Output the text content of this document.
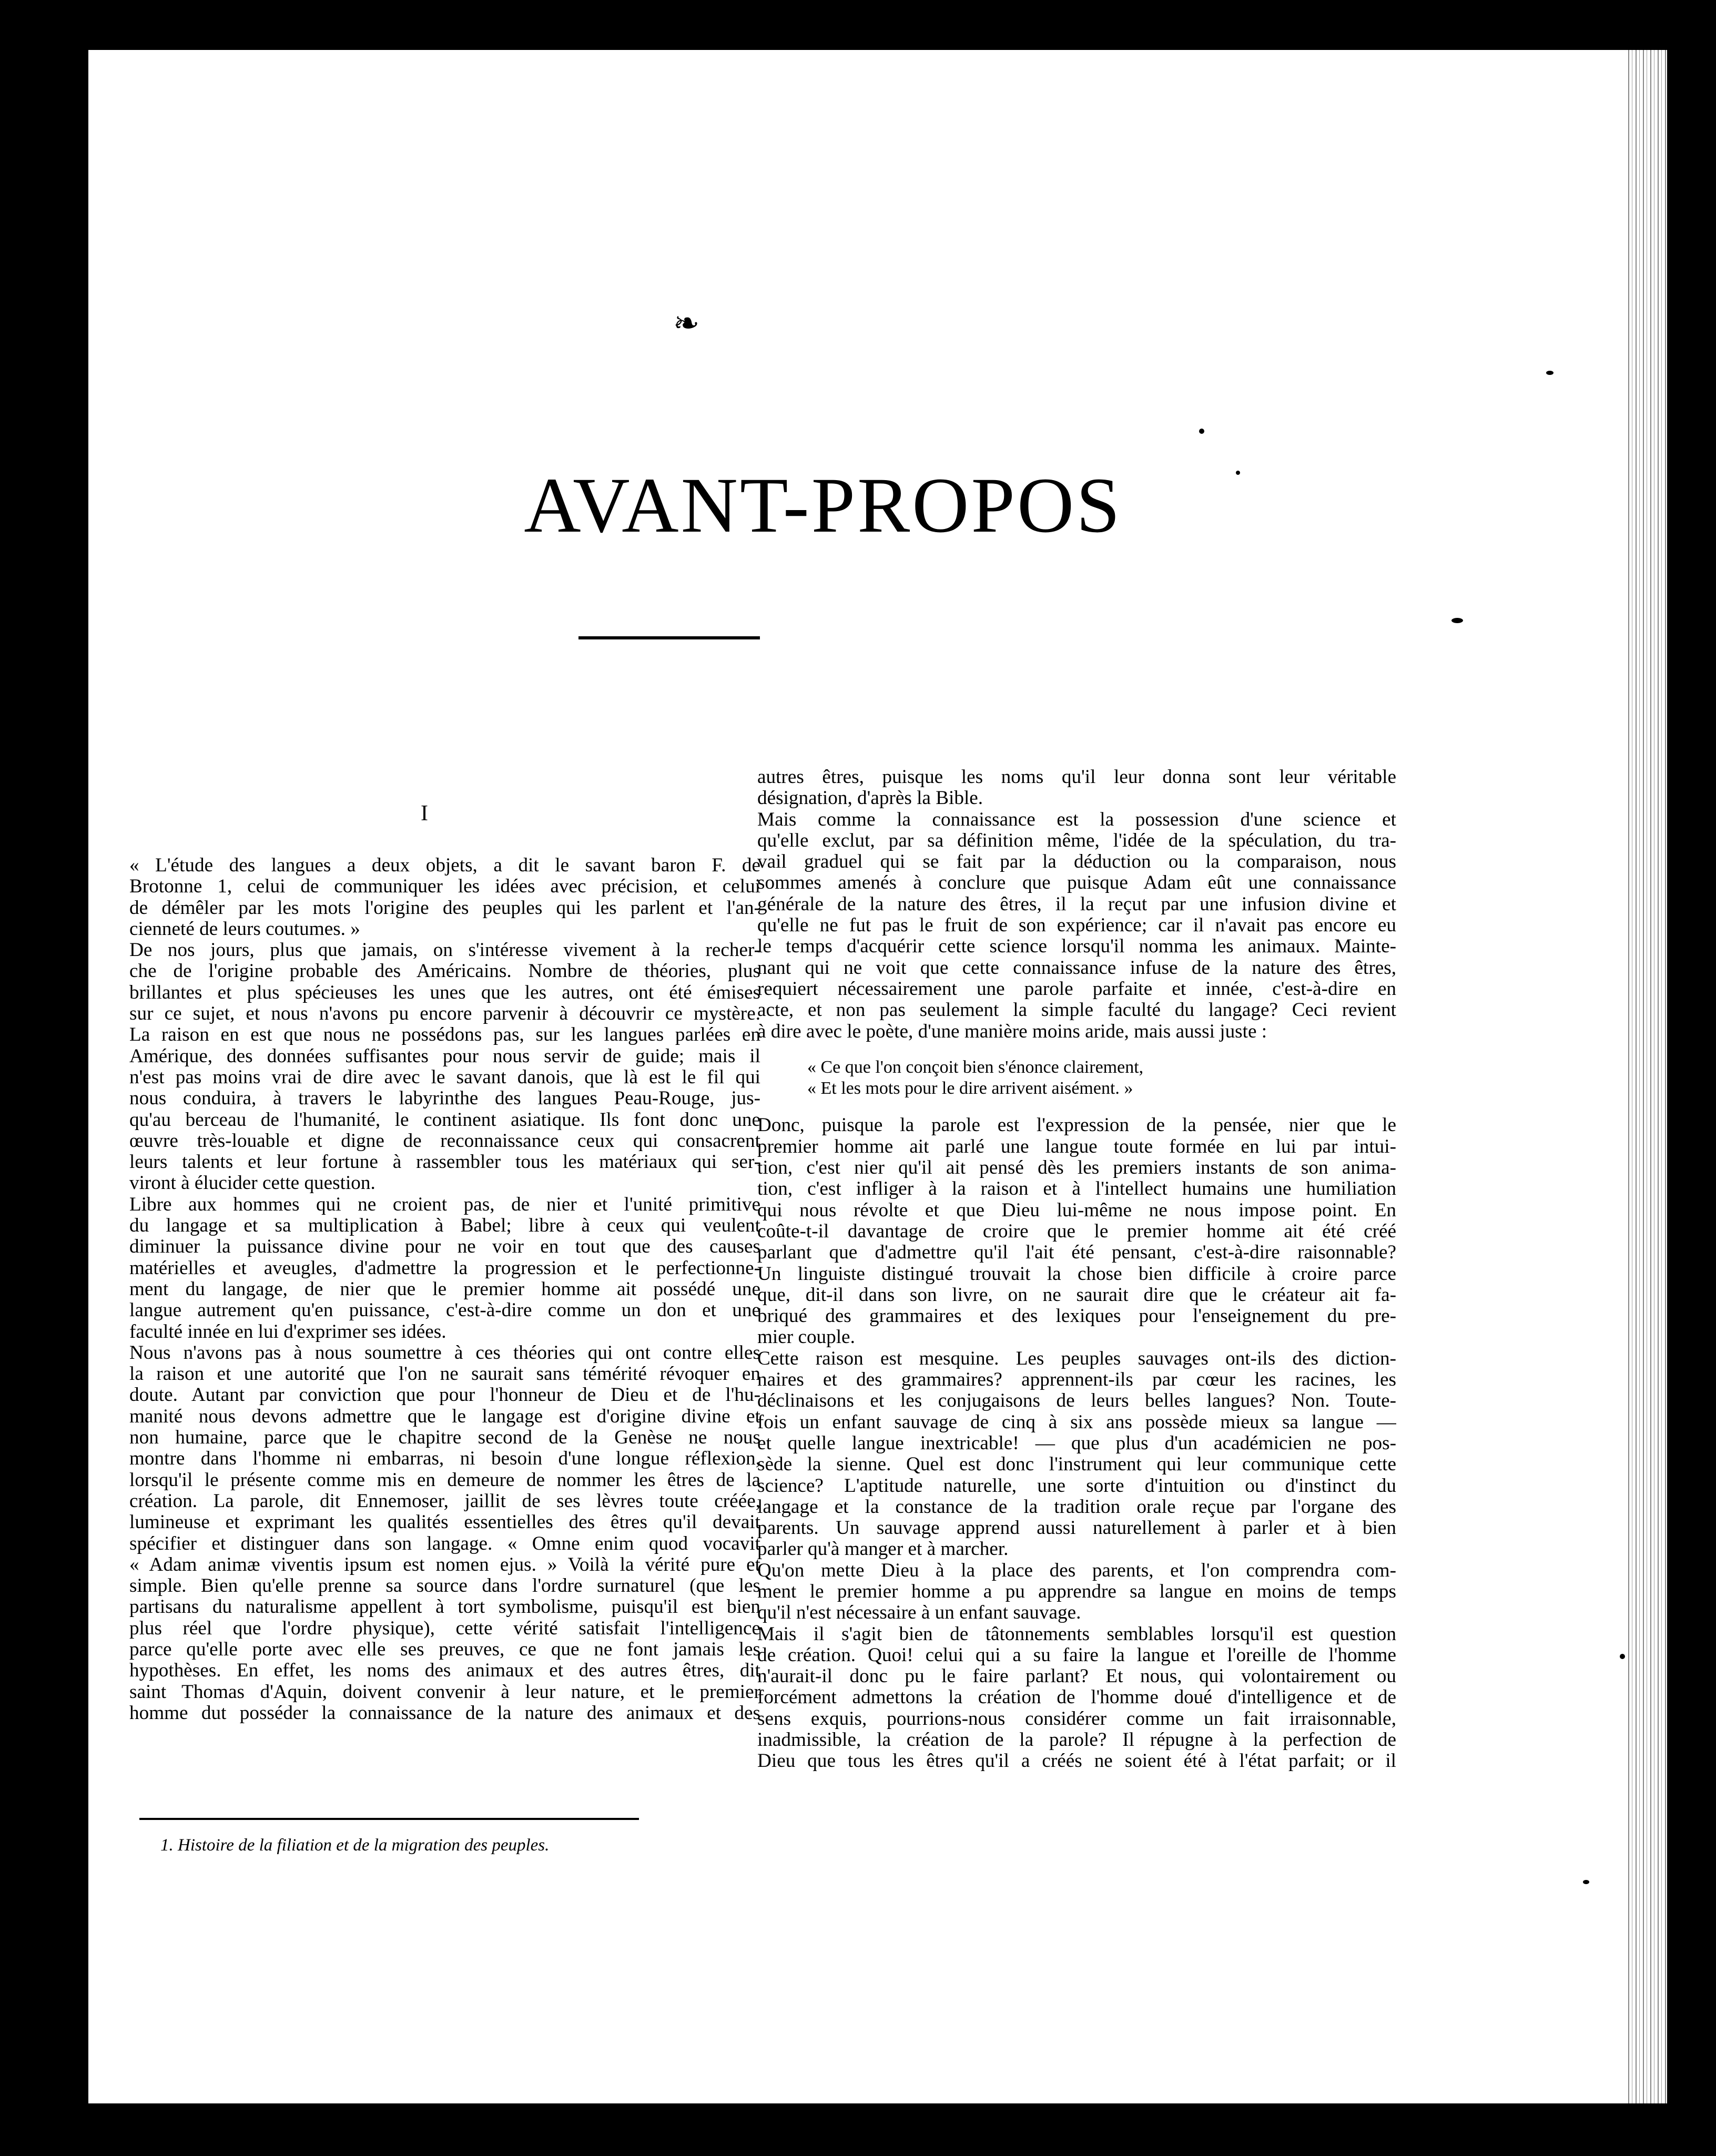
❧
AVANT-PROPOS
I

« L'étude des langues a deux objets, a dit le savant baron F. de

Brotonne 1, celui de communiquer les idées avec précision, et celui

de démêler par les mots l'origine des peuples qui les parlent et l'an-

cienneté de leurs coutumes. »

De nos jours, plus que jamais, on s'intéresse vivement à la recher-

che de l'origine probable des Américains. Nombre de théories, plus

brillantes et plus spécieuses les unes que les autres, ont été émises

sur ce sujet, et nous n'avons pu encore parvenir à découvrir ce mystère.

La raison en est que nous ne possédons pas, sur les langues parlées en

Amérique, des données suffisantes pour nous servir de guide; mais il

n'est pas moins vrai de dire avec le savant danois, que là est le fil qui

nous conduira, à travers le labyrinthe des langues Peau-Rouge, jus-

qu'au berceau de l'humanité, le continent asiatique. Ils font donc une

œuvre très-louable et digne de reconnaissance ceux qui consacrent

leurs talents et leur fortune à rassembler tous les matériaux qui ser-

viront à élucider cette question.

Libre aux hommes qui ne croient pas, de nier et l'unité primitive

du langage et sa multiplication à Babel; libre à ceux qui veulent

diminuer la puissance divine pour ne voir en tout que des causes

matérielles et aveugles, d'admettre la progression et le perfectionne-

ment du langage, de nier que le premier homme ait possédé une

langue autrement qu'en puissance, c'est-à-dire comme un don et une

faculté innée en lui d'exprimer ses idées.

Nous n'avons pas à nous soumettre à ces théories qui ont contre elles

la raison et une autorité que l'on ne saurait sans témérité révoquer en

doute. Autant par conviction que pour l'honneur de Dieu et de l'hu-

manité nous devons admettre que le langage est d'origine divine et

non humaine, parce que le chapitre second de la Genèse ne nous

montre dans l'homme ni embarras, ni besoin d'une longue réflexion,

lorsqu'il le présente comme mis en demeure de nommer les êtres de la

création. La parole, dit Ennemoser, jaillit de ses lèvres toute créée,

lumineuse et exprimant les qualités essentielles des êtres qu'il devait

spécifier et distinguer dans son langage. « Omne enim quod vocavit

« Adam animæ viventis ipsum est nomen ejus. » Voilà la vérité pure et

simple. Bien qu'elle prenne sa source dans l'ordre surnaturel (que les

partisans du naturalisme appellent à tort symbolisme, puisqu'il est bien

plus réel que l'ordre physique), cette vérité satisfait l'intelligence

parce qu'elle porte avec elle ses preuves, ce que ne font jamais les

hypothèses. En effet, les noms des animaux et des autres êtres, dit

saint Thomas d'Aquin, doivent convenir à leur nature, et le premier

homme dut posséder la connaissance de la nature des animaux et des

autres êtres, puisque les noms qu'il leur donna sont leur véritable

désignation, d'après la Bible.

Mais comme la connaissance est la possession d'une science et

qu'elle exclut, par sa définition même, l'idée de la spéculation, du tra-

vail graduel qui se fait par la déduction ou la comparaison, nous

sommes amenés à conclure que puisque Adam eût une connaissance

générale de la nature des êtres, il la reçut par une infusion divine et

qu'elle ne fut pas le fruit de son expérience; car il n'avait pas encore eu

le temps d'acquérir cette science lorsqu'il nomma les animaux. Mainte-

nant qui ne voit que cette connaissance infuse de la nature des êtres,

requiert nécessairement une parole parfaite et innée, c'est-à-dire en

acte, et non pas seulement la simple faculté du langage? Ceci revient

à dire avec le poète, d'une manière moins aride, mais aussi juste :

« Ce que l'on conçoit bien s'énonce clairement,

« Et les mots pour le dire arrivent aisément. »

Donc, puisque la parole est l'expression de la pensée, nier que le

premier homme ait parlé une langue toute formée en lui par intui-

tion, c'est nier qu'il ait pensé dès les premiers instants de son anima-

tion, c'est infliger à la raison et à l'intellect humains une humiliation

qui nous révolte et que Dieu lui-même ne nous impose point. En

coûte-t-il davantage de croire que le premier homme ait été créé

parlant que d'admettre qu'il l'ait été pensant, c'est-à-dire raisonnable?

Un linguiste distingué trouvait la chose bien difficile à croire parce

que, dit-il dans son livre, on ne saurait dire que le créateur ait fa-

briqué des grammaires et des lexiques pour l'enseignement du pre-

mier couple.

Cette raison est mesquine. Les peuples sauvages ont-ils des diction-

naires et des grammaires? apprennent-ils par cœur les racines, les

déclinaisons et les conjugaisons de leurs belles langues? Non. Toute-

fois un enfant sauvage de cinq à six ans possède mieux sa langue —

et quelle langue inextricable! — que plus d'un académicien ne pos-

sède la sienne. Quel est donc l'instrument qui leur communique cette

science? L'aptitude naturelle, une sorte d'intuition ou d'instinct du

langage et la constance de la tradition orale reçue par l'organe des

parents. Un sauvage apprend aussi naturellement à parler et à bien

parler qu'à manger et à marcher.

Qu'on mette Dieu à la place des parents, et l'on comprendra com-

ment le premier homme a pu apprendre sa langue en moins de temps

qu'il n'est nécessaire à un enfant sauvage.

Mais il s'agit bien de tâtonnements semblables lorsqu'il est question

de création. Quoi! celui qui a su faire la langue et l'oreille de l'homme

n'aurait-il donc pu le faire parlant? Et nous, qui volontairement ou

forcément admettons la création de l'homme doué d'intelligence et de

sens exquis, pourrions-nous considérer comme un fait irraisonnable,

inadmissible, la création de la parole? Il répugne à la perfection de

Dieu que tous les êtres qu'il a créés ne soient été à l'état parfait; or il

1. Histoire de la filiation et de la migration des peuples.
